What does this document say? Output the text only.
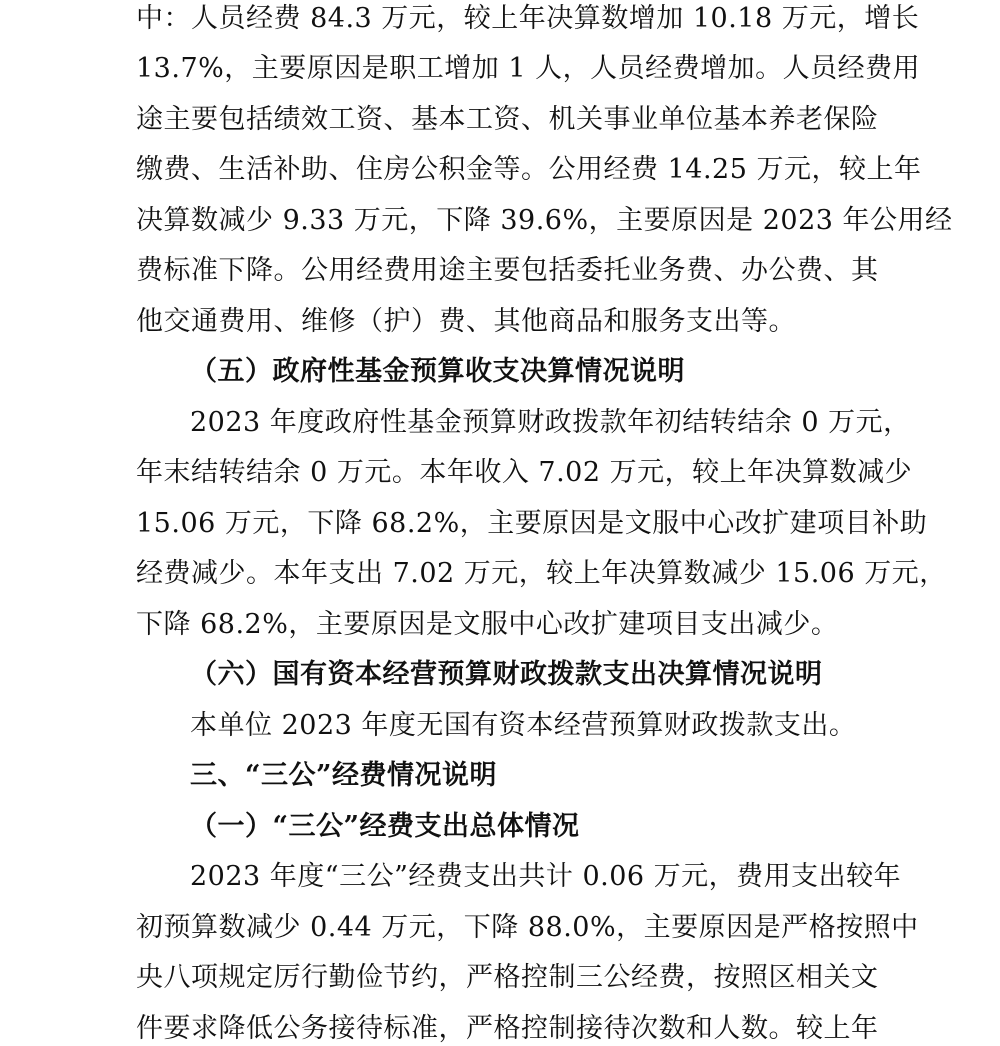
中：人员经费 84.3 万元，较上年决算数增加 10.18 万元，增长
13.7%，主要原因是职工增加 1 人，人员经费增加。人员经费用
途主要包括绩效工资、基本工资、机关事业单位基本养老保险
缴费、生活补助、住房公积金等。公用经费 14.25 万元，较上年
决算数减少 9.33 万元，下降 39.6%，主要原因是 2023 年公用经
费标准下降。公用经费用途主要包括委托业务费、办公费、其
他交通费用、维修（护）费、其他商品和服务支出等。
（五）政府性基金预算收支决算情况说明
2023 年度政府性基金预算财政拨款年初结转结余 0 万元，
年末结转结余 0 万元。本年收入 7.02 万元，较上年决算数减少
15.06 万元，下降 68.2%，主要原因是文服中心改扩建项目补助
经费减少。本年支出 7.02 万元，较上年决算数减少 15.06 万元，
下降 68.2%，主要原因是文服中心改扩建项目支出减少。
（六）国有资本经营预算财政拨款支出决算情况说明
本单位 2023 年度无国有资本经营预算财政拨款支出。
三、“三公”经费情况说明
（一）“三公”经费支出总体情况
2023 年度“三公”经费支出共计 0.06 万元，费用支出较年
初预算数减少 0.44 万元，下降 88.0%，主要原因是严格按照中
央八项规定厉行勤俭节约，严格控制三公经费，按照区相关文
件要求降低公务接待标准，严格控制接待次数和人数。较上年
